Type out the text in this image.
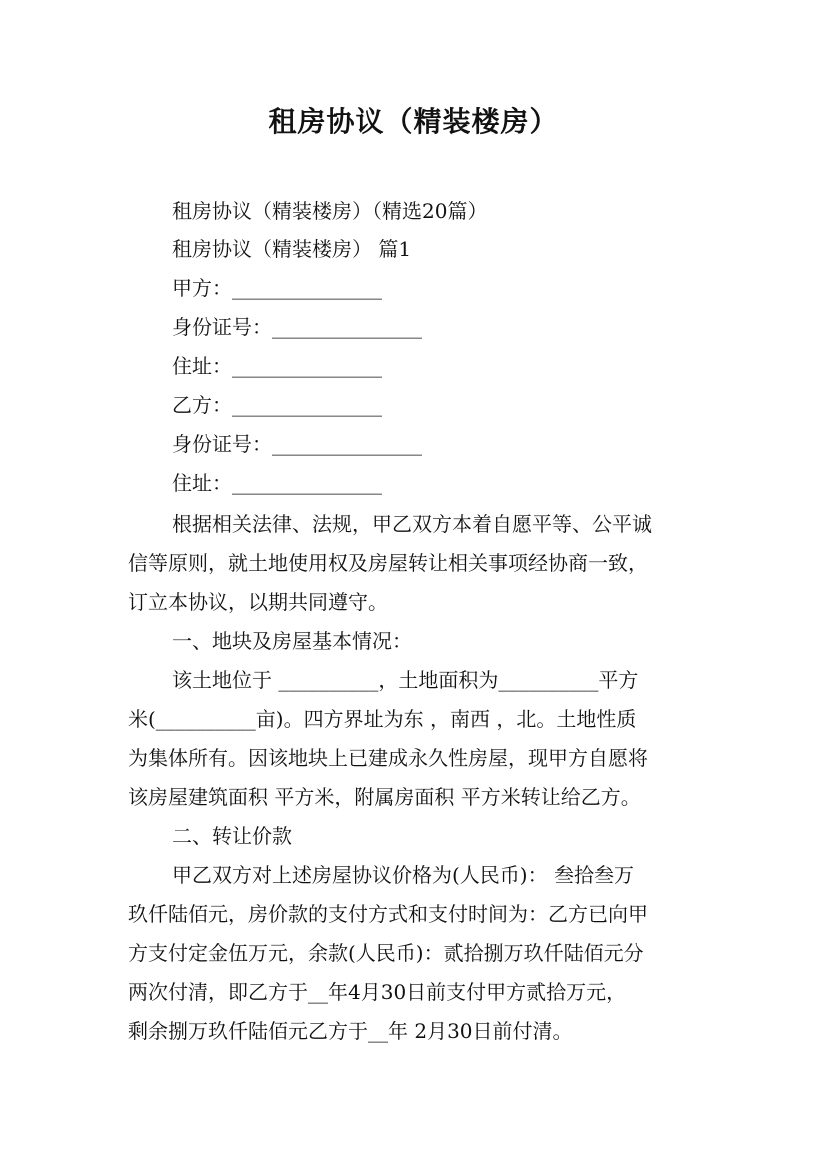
租房协议（精装楼房）
租房协议（精装楼房）（精选20篇）
租房协议（精装楼房） 篇1
甲方：_______________
身份证号：_______________
住址：_______________
乙方：_______________
身份证号：_______________
住址：_______________
根据相关法律、法规，甲乙双方本着自愿平等、公平诚
信等原则，就土地使用权及房屋转让相关事项经协商一致，
订立本协议，以期共同遵守。
一、地块及房屋基本情况：
该土地位于 __________，土地面积为__________平方
米(__________亩)。四方界址为东 ，南西 ，北。土地性质
为集体所有。因该地块上已建成永久性房屋，现甲方自愿将
该房屋建筑面积 平方米，附属房面积 平方米转让给乙方。
二、转让价款
甲乙双方对上述房屋协议价格为(人民币)： 叁拾叁万
玖仟陆佰元，房价款的支付方式和支付时间为：乙方已向甲
方支付定金伍万元，余款(人民币)：贰拾捌万玖仟陆佰元分
两次付清，即乙方于__年4月30日前支付甲方贰拾万元，
剩余捌万玖仟陆佰元乙方于__年 2月30日前付清。
